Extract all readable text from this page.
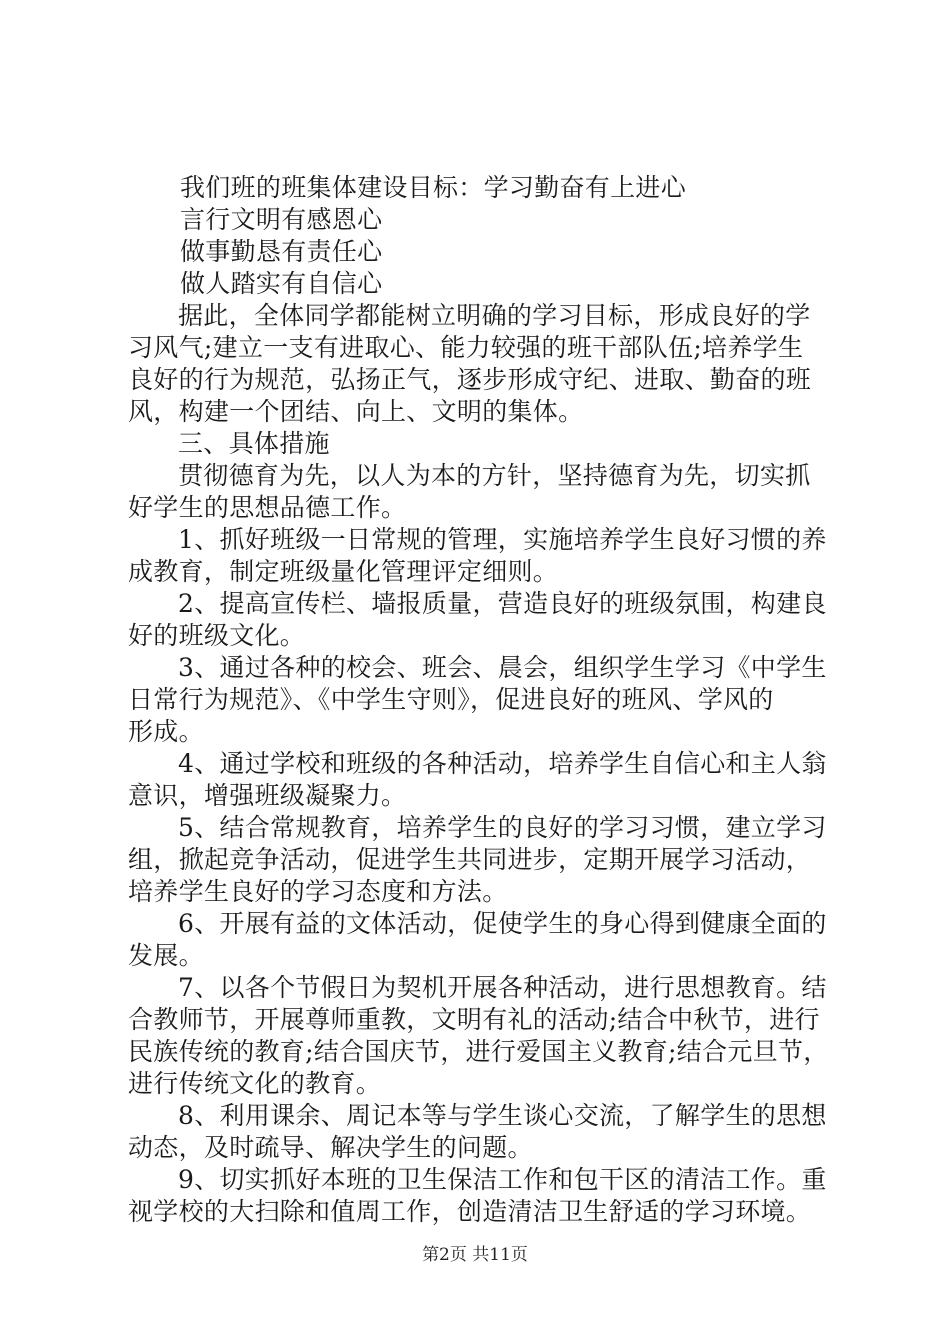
我们班的班集体建设目标：学习勤奋有上进心
言行文明有感恩心
做事勤恳有责任心
做人踏实有自信心
据此，全体同学都能树立明确的学习目标，形成良好的学
习风气;建立一支有进取心、能力较强的班干部队伍;培养学生
良好的行为规范，弘扬正气，逐步形成守纪、进取、勤奋的班
风，构建一个团结、向上、文明的集体。
三、具体措施
贯彻德育为先，以人为本的方针，坚持德育为先，切实抓
好学生的思想品德工作。
1、抓好班级一日常规的管理，实施培养学生良好习惯的养
成教育，制定班级量化管理评定细则。
2、提高宣传栏、墙报质量，营造良好的班级氛围，构建良
好的班级文化。
3、通过各种的校会、班会、晨会，组织学生学习《中学生
日常行为规范》、《中学生守则》，促进良好的班风、学风的
形成。
4、通过学校和班级的各种活动，培养学生自信心和主人翁
意识，增强班级凝聚力。
5、结合常规教育，培养学生的良好的学习习惯，建立学习
组，掀起竞争活动，促进学生共同进步，定期开展学习活动，
培养学生良好的学习态度和方法。
6、开展有益的文体活动，促使学生的身心得到健康全面的
发展。
7、以各个节假日为契机开展各种活动，进行思想教育。结
合教师节，开展尊师重教，文明有礼的活动;结合中秋节，进行
民族传统的教育;结合国庆节，进行爱国主义教育;结合元旦节，
进行传统文化的教育。
8、利用课余、周记本等与学生谈心交流，了解学生的思想
动态，及时疏导、解决学生的问题。
9、切实抓好本班的卫生保洁工作和包干区的清洁工作。重
视学校的大扫除和值周工作，创造清洁卫生舒适的学习环境。
第2页 共11页
